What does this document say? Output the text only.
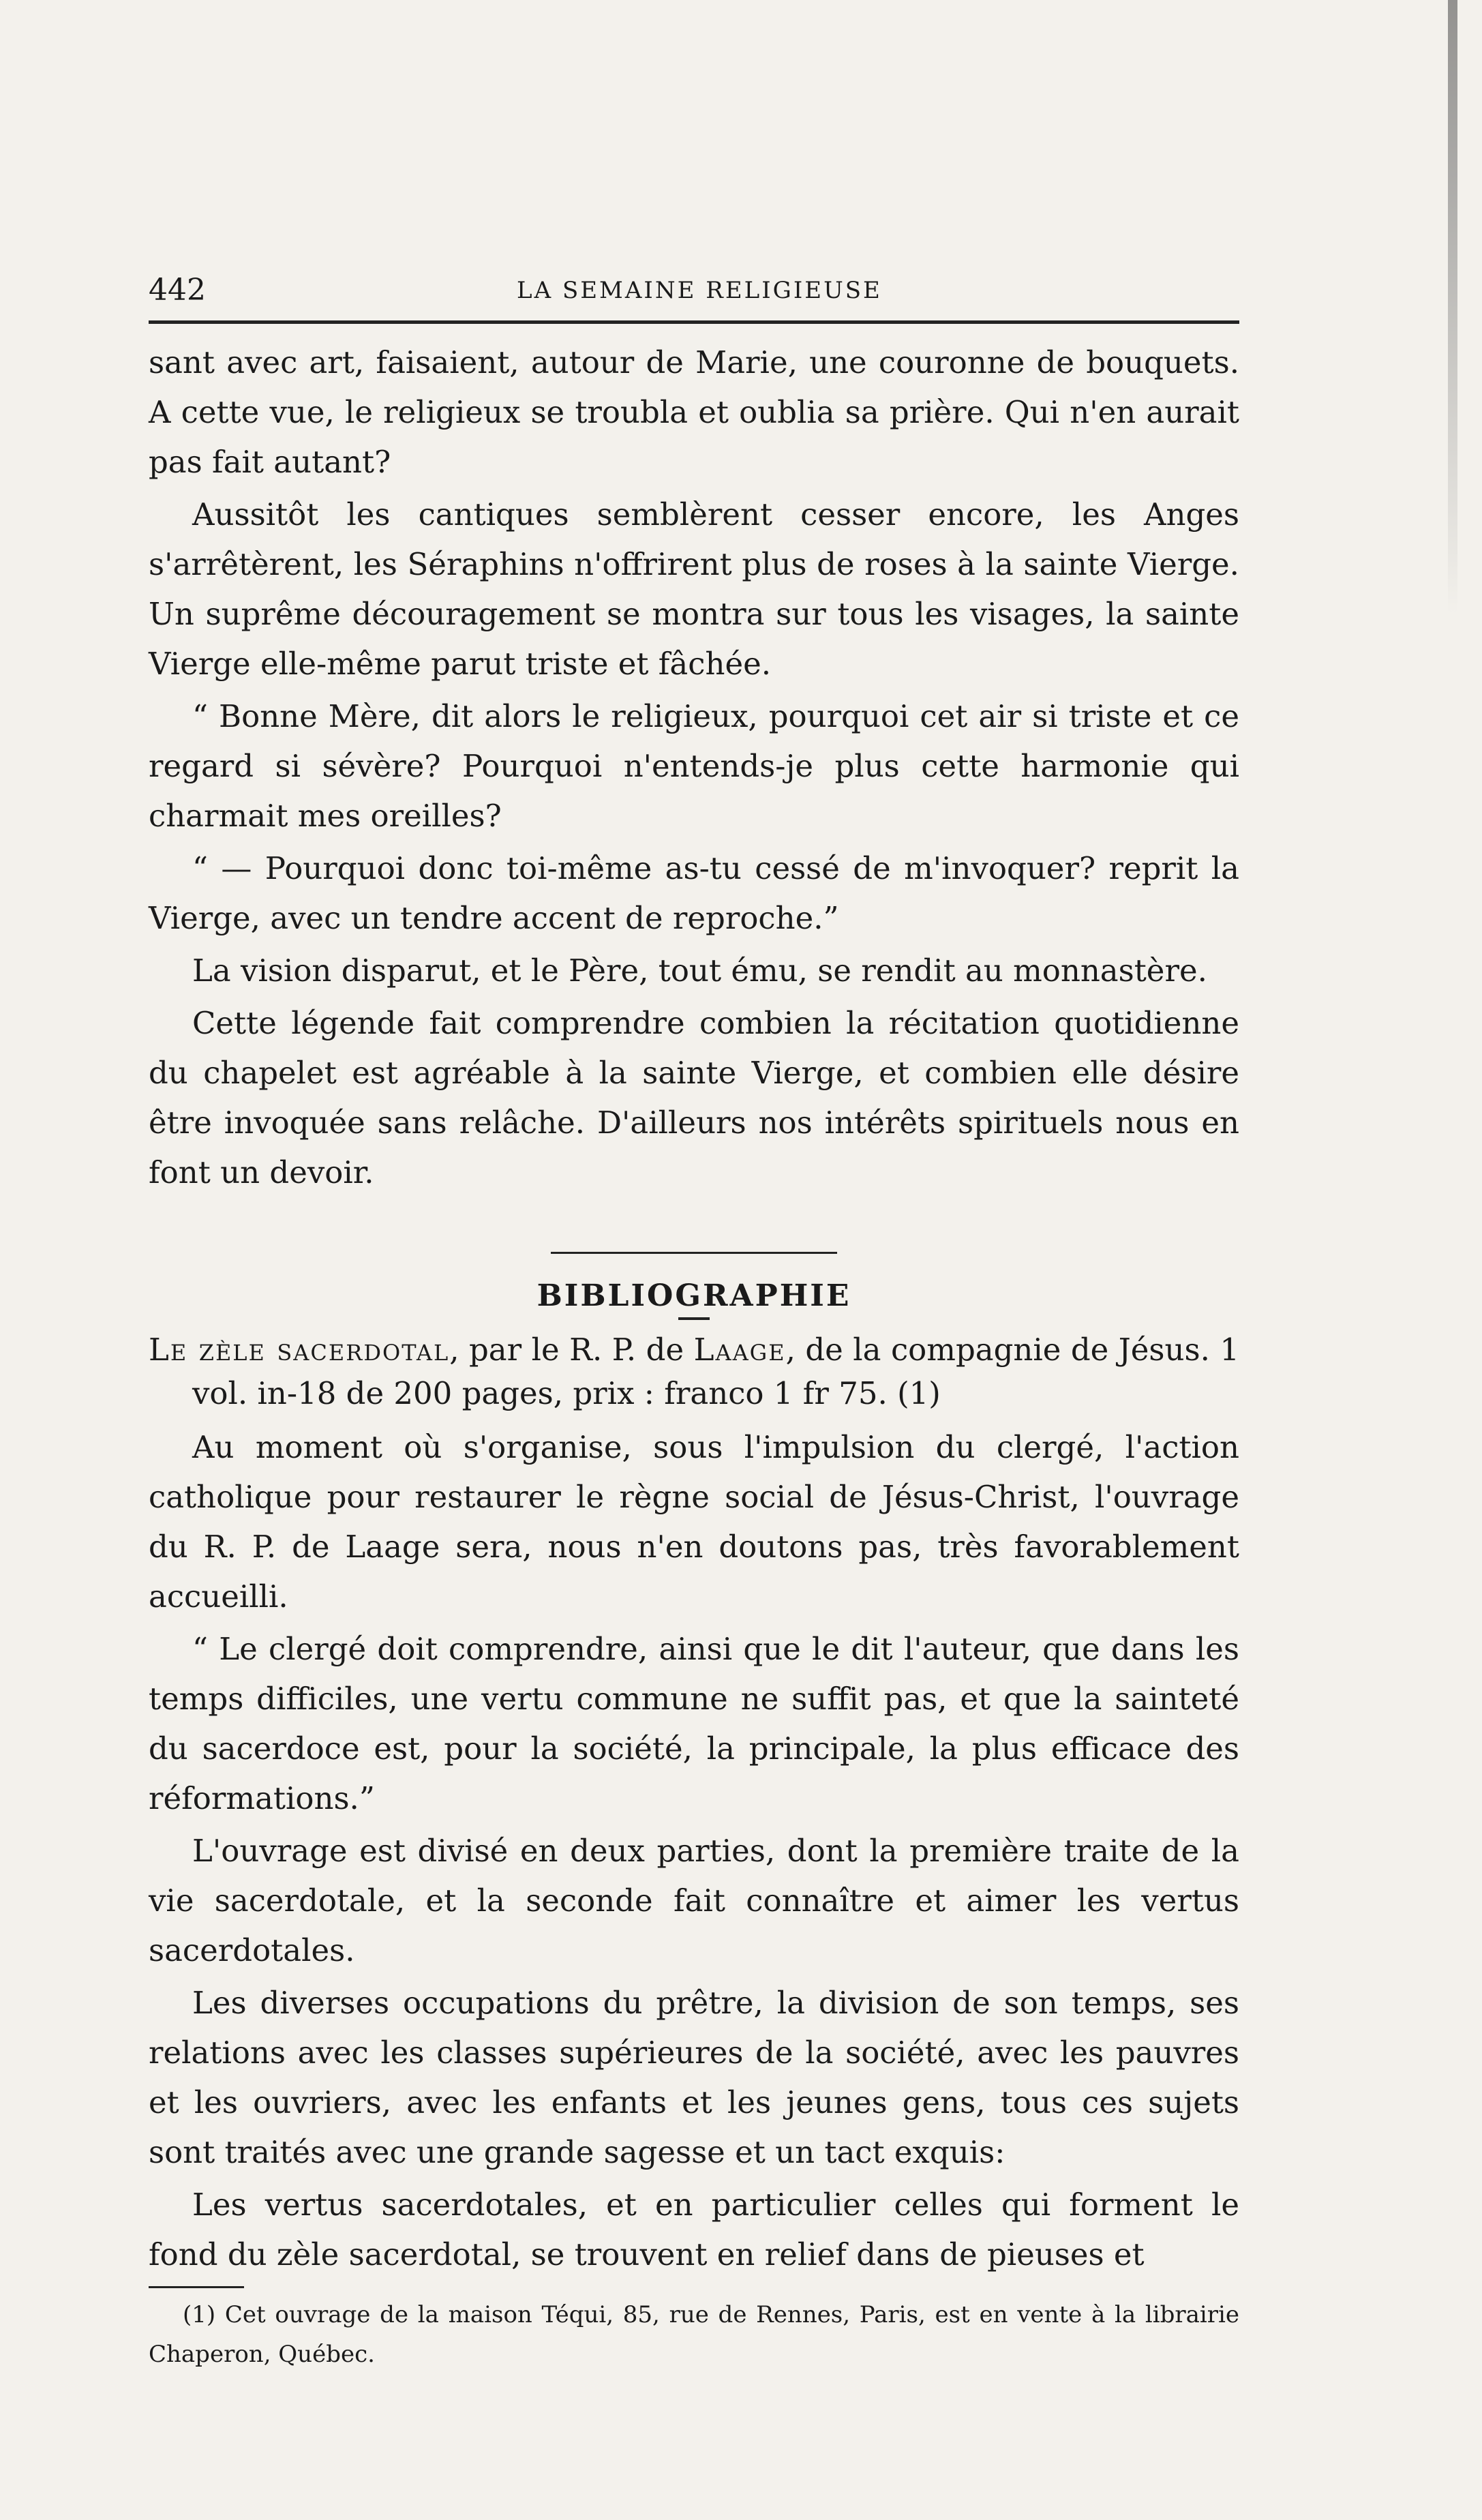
442	LA SEMAINE RELIGIEUSE

sant avec art, faisaient, autour de Marie, une couronne de bouquets. A cette vue, le religieux se troubla et oublia sa prière. Qui n'en aurait pas fait autant?

Aussitôt les cantiques semblèrent cesser encore, les Anges s'arrêtèrent, les Séraphins n'offrirent plus de roses à la sainte Vierge. Un suprême découragement se montra sur tous les visages, la sainte Vierge elle-même parut triste et fâchée.

“ Bonne Mère, dit alors le religieux, pourquoi cet air si triste et ce regard si sévère? Pourquoi n'entends-je plus cette harmonie qui charmait mes oreilles?

“ — Pourquoi donc toi-même as-tu cessé de m'invoquer? reprit la Vierge, avec un tendre accent de reproche.”

La vision disparut, et le Père, tout ému, se rendit au monnastère.

Cette légende fait comprendre combien la récitation quotidienne du chapelet est agréable à la sainte Vierge, et combien elle désire être invoquée sans relâche. D'ailleurs nos intérêts spirituels nous en font un devoir.

BIBLIOGRAPHIE

Le zèle sacerdotal, par le R. P. de Laage, de la compagnie de Jésus. 1 vol. in-18 de 200 pages, prix : franco 1 fr 75. (1)

Au moment où s'organise, sous l'impulsion du clergé, l'action catholique pour restaurer le règne social de Jésus-Christ, l'ouvrage du R. P. de Laage sera, nous n'en doutons pas, très favorablement accueilli.

“ Le clergé doit comprendre, ainsi que le dit l'auteur, que dans les temps difficiles, une vertu commune ne suffit pas, et que la sainteté du sacerdoce est, pour la société, la principale, la plus efficace des réformations.”

L'ouvrage est divisé en deux parties, dont la première traite de la vie sacerdotale, et la seconde fait connaître et aimer les vertus sacerdotales.

Les diverses occupations du prêtre, la division de son temps, ses relations avec les classes supérieures de la société, avec les pauvres et les ouvriers, avec les enfants et les jeunes gens, tous ces sujets sont traités avec une grande sagesse et un tact exquis:

Les vertus sacerdotales, et en particulier celles qui forment le fond du zèle sacerdotal, se trouvent en relief dans de pieuses et

(1) Cet ouvrage de la maison Téqui, 85, rue de Rennes, Paris, est en vente à la librairie Chaperon, Québec.
